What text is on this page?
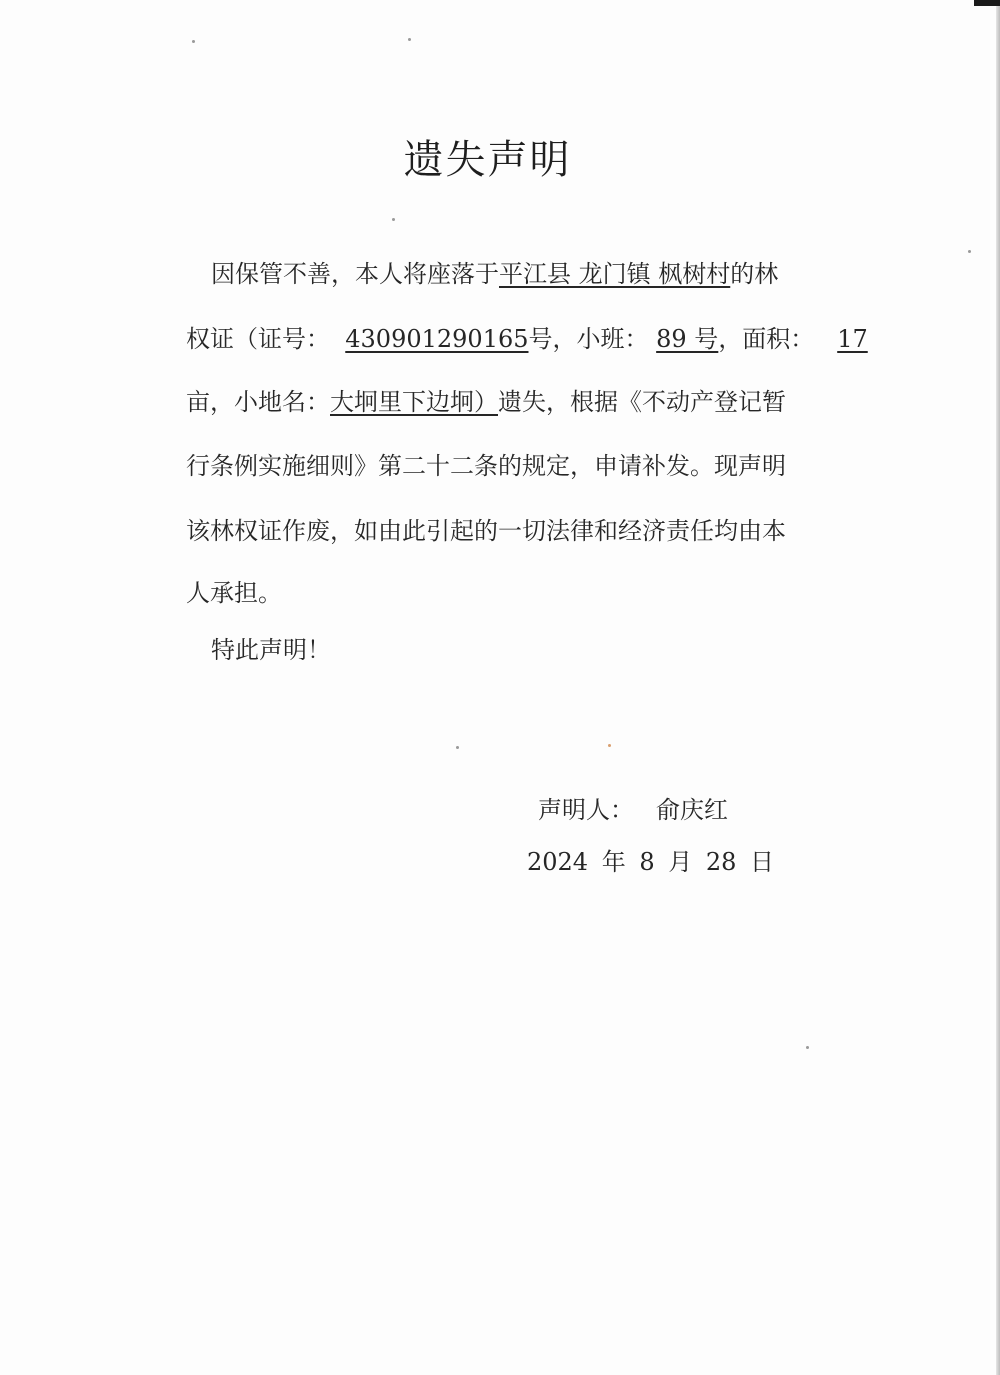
遗失声明
因保管不善，本人将座落于平江县 龙门镇 枫树村的林
权证（证号： 430901290165号，小班： 89 号，面积： 17
亩，小地名：大坰里下边坰）遗失，根据《不动产登记暂
行条例实施细则》第二十二条的规定，申请补发。现声明
该林权证作废，如由此引起的一切法律和经济责任均由本
人承担。
特此声明！
声明人： 俞庆红
2024 年 8 月 28 日
